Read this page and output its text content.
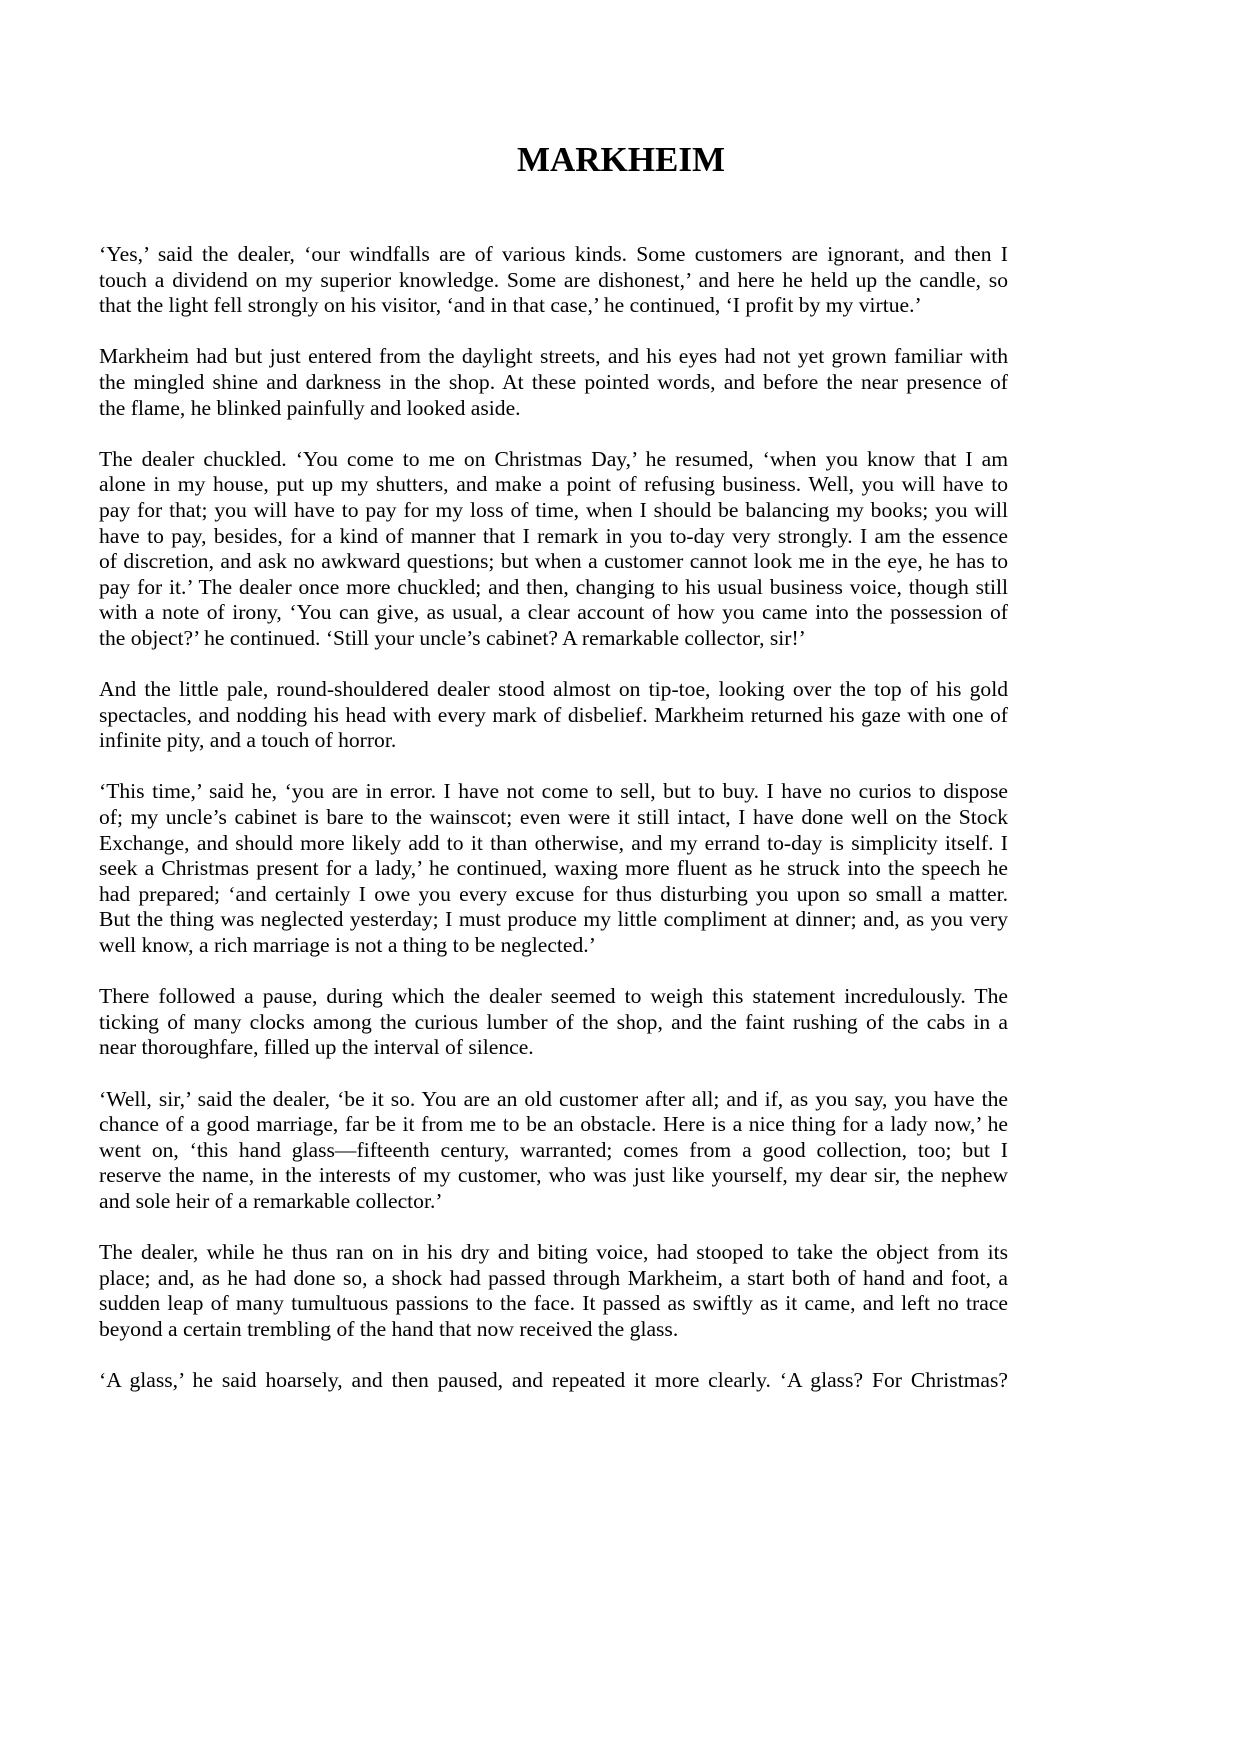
MARKHEIM

‘Yes,’ said the dealer, ‘our windfalls are of various kinds. Some customers are ignorant, and then I
touch a dividend on my superior knowledge. Some are dishonest,’ and here he held up the candle, so
that the light fell strongly on his visitor, ‘and in that case,’ he continued, ‘I profit by my virtue.’

Markheim had but just entered from the daylight streets, and his eyes had not yet grown familiar with
the mingled shine and darkness in the shop. At these pointed words, and before the near presence of
the flame, he blinked painfully and looked aside.

The dealer chuckled. ‘You come to me on Christmas Day,’ he resumed, ‘when you know that I am
alone in my house, put up my shutters, and make a point of refusing business. Well, you will have to
pay for that; you will have to pay for my loss of time, when I should be balancing my books; you will
have to pay, besides, for a kind of manner that I remark in you to-day very strongly. I am the essence
of discretion, and ask no awkward questions; but when a customer cannot look me in the eye, he has to
pay for it.’ The dealer once more chuckled; and then, changing to his usual business voice, though still
with a note of irony, ‘You can give, as usual, a clear account of how you came into the possession of
the object?’ he continued. ‘Still your uncle’s cabinet? A remarkable collector, sir!’

And the little pale, round-shouldered dealer stood almost on tip-toe, looking over the top of his gold
spectacles, and nodding his head with every mark of disbelief. Markheim returned his gaze with one of
infinite pity, and a touch of horror.

‘This time,’ said he, ‘you are in error. I have not come to sell, but to buy. I have no curios to dispose
of; my uncle’s cabinet is bare to the wainscot; even were it still intact, I have done well on the Stock
Exchange, and should more likely add to it than otherwise, and my errand to-day is simplicity itself. I
seek a Christmas present for a lady,’ he continued, waxing more fluent as he struck into the speech he
had prepared; ‘and certainly I owe you every excuse for thus disturbing you upon so small a matter.
But the thing was neglected yesterday; I must produce my little compliment at dinner; and, as you very
well know, a rich marriage is not a thing to be neglected.’

There followed a pause, during which the dealer seemed to weigh this statement incredulously. The
ticking of many clocks among the curious lumber of the shop, and the faint rushing of the cabs in a
near thoroughfare, filled up the interval of silence.

‘Well, sir,’ said the dealer, ‘be it so. You are an old customer after all; and if, as you say, you have the
chance of a good marriage, far be it from me to be an obstacle. Here is a nice thing for a lady now,’ he
went on, ‘this hand glass—fifteenth century, warranted; comes from a good collection, too; but I
reserve the name, in the interests of my customer, who was just like yourself, my dear sir, the nephew
and sole heir of a remarkable collector.’

The dealer, while he thus ran on in his dry and biting voice, had stooped to take the object from its
place; and, as he had done so, a shock had passed through Markheim, a start both of hand and foot, a
sudden leap of many tumultuous passions to the face. It passed as swiftly as it came, and left no trace
beyond a certain trembling of the hand that now received the glass.

‘A glass,’ he said hoarsely, and then paused, and repeated it more clearly. ‘A glass? For Christmas?
